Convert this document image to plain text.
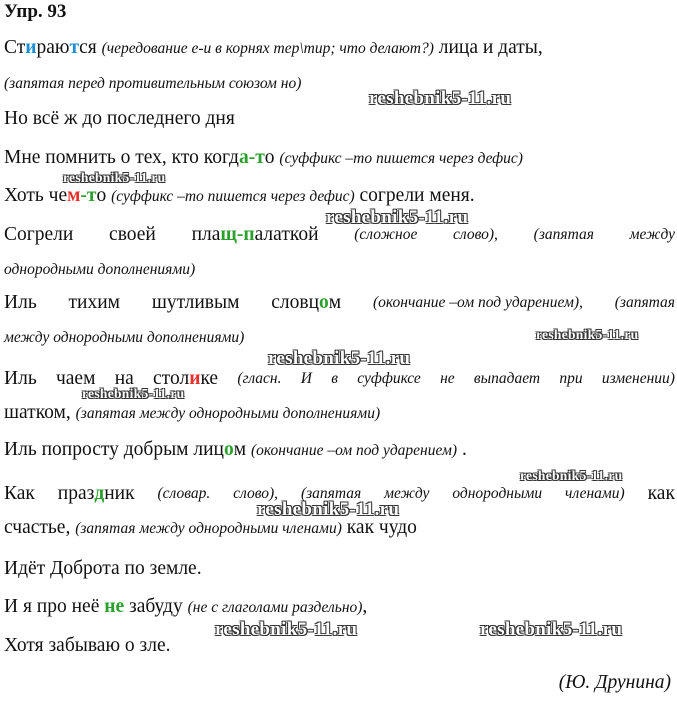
Упр. 93
Стираются (чередование е-и в корнях тер\тир; что делают?) лица и даты,
(запятая перед противительным союзом но)
Но всё ж до последнего дня
Мне помнить о тех, кто когда-то (суффикс –то пишется через дефис)
Хоть чем-то (суффикс –то пишется через дефис) согрели меня.
Согрели своей плащ-палаткой (сложное слово), (запятая между
однородными дополнениями)
Иль тихим шутливым словцом (окончание –ом под ударением), (запятая
между однородными дополнениями)
Иль чаем на столике (гласн. И в суффиксе не выпадает при изменении)
шатком, (запятая между однородными дополнениями)
Иль попросту добрым лицом (окончание –ом под ударением) .
Как праздник (словар. слово), (запятая между однородными членами) как
счастье, (запятая между однородными членами) как чудо
Идёт Доброта по земле.
И я про неё не забуду (не с глаголами раздельно),
Хотя забываю о зле.
(Ю. Друнина)
reshebnik5-11.ru
reshebnik5-11.ru
reshebnik5-11.ru
reshebnik5-11.ru
reshebnik5-11.ru
reshebnik5-11.ru
reshebnik5-11.ru
reshebnik5-11.ru
reshebnik5-11.ru	reshebnik5-11.ru
